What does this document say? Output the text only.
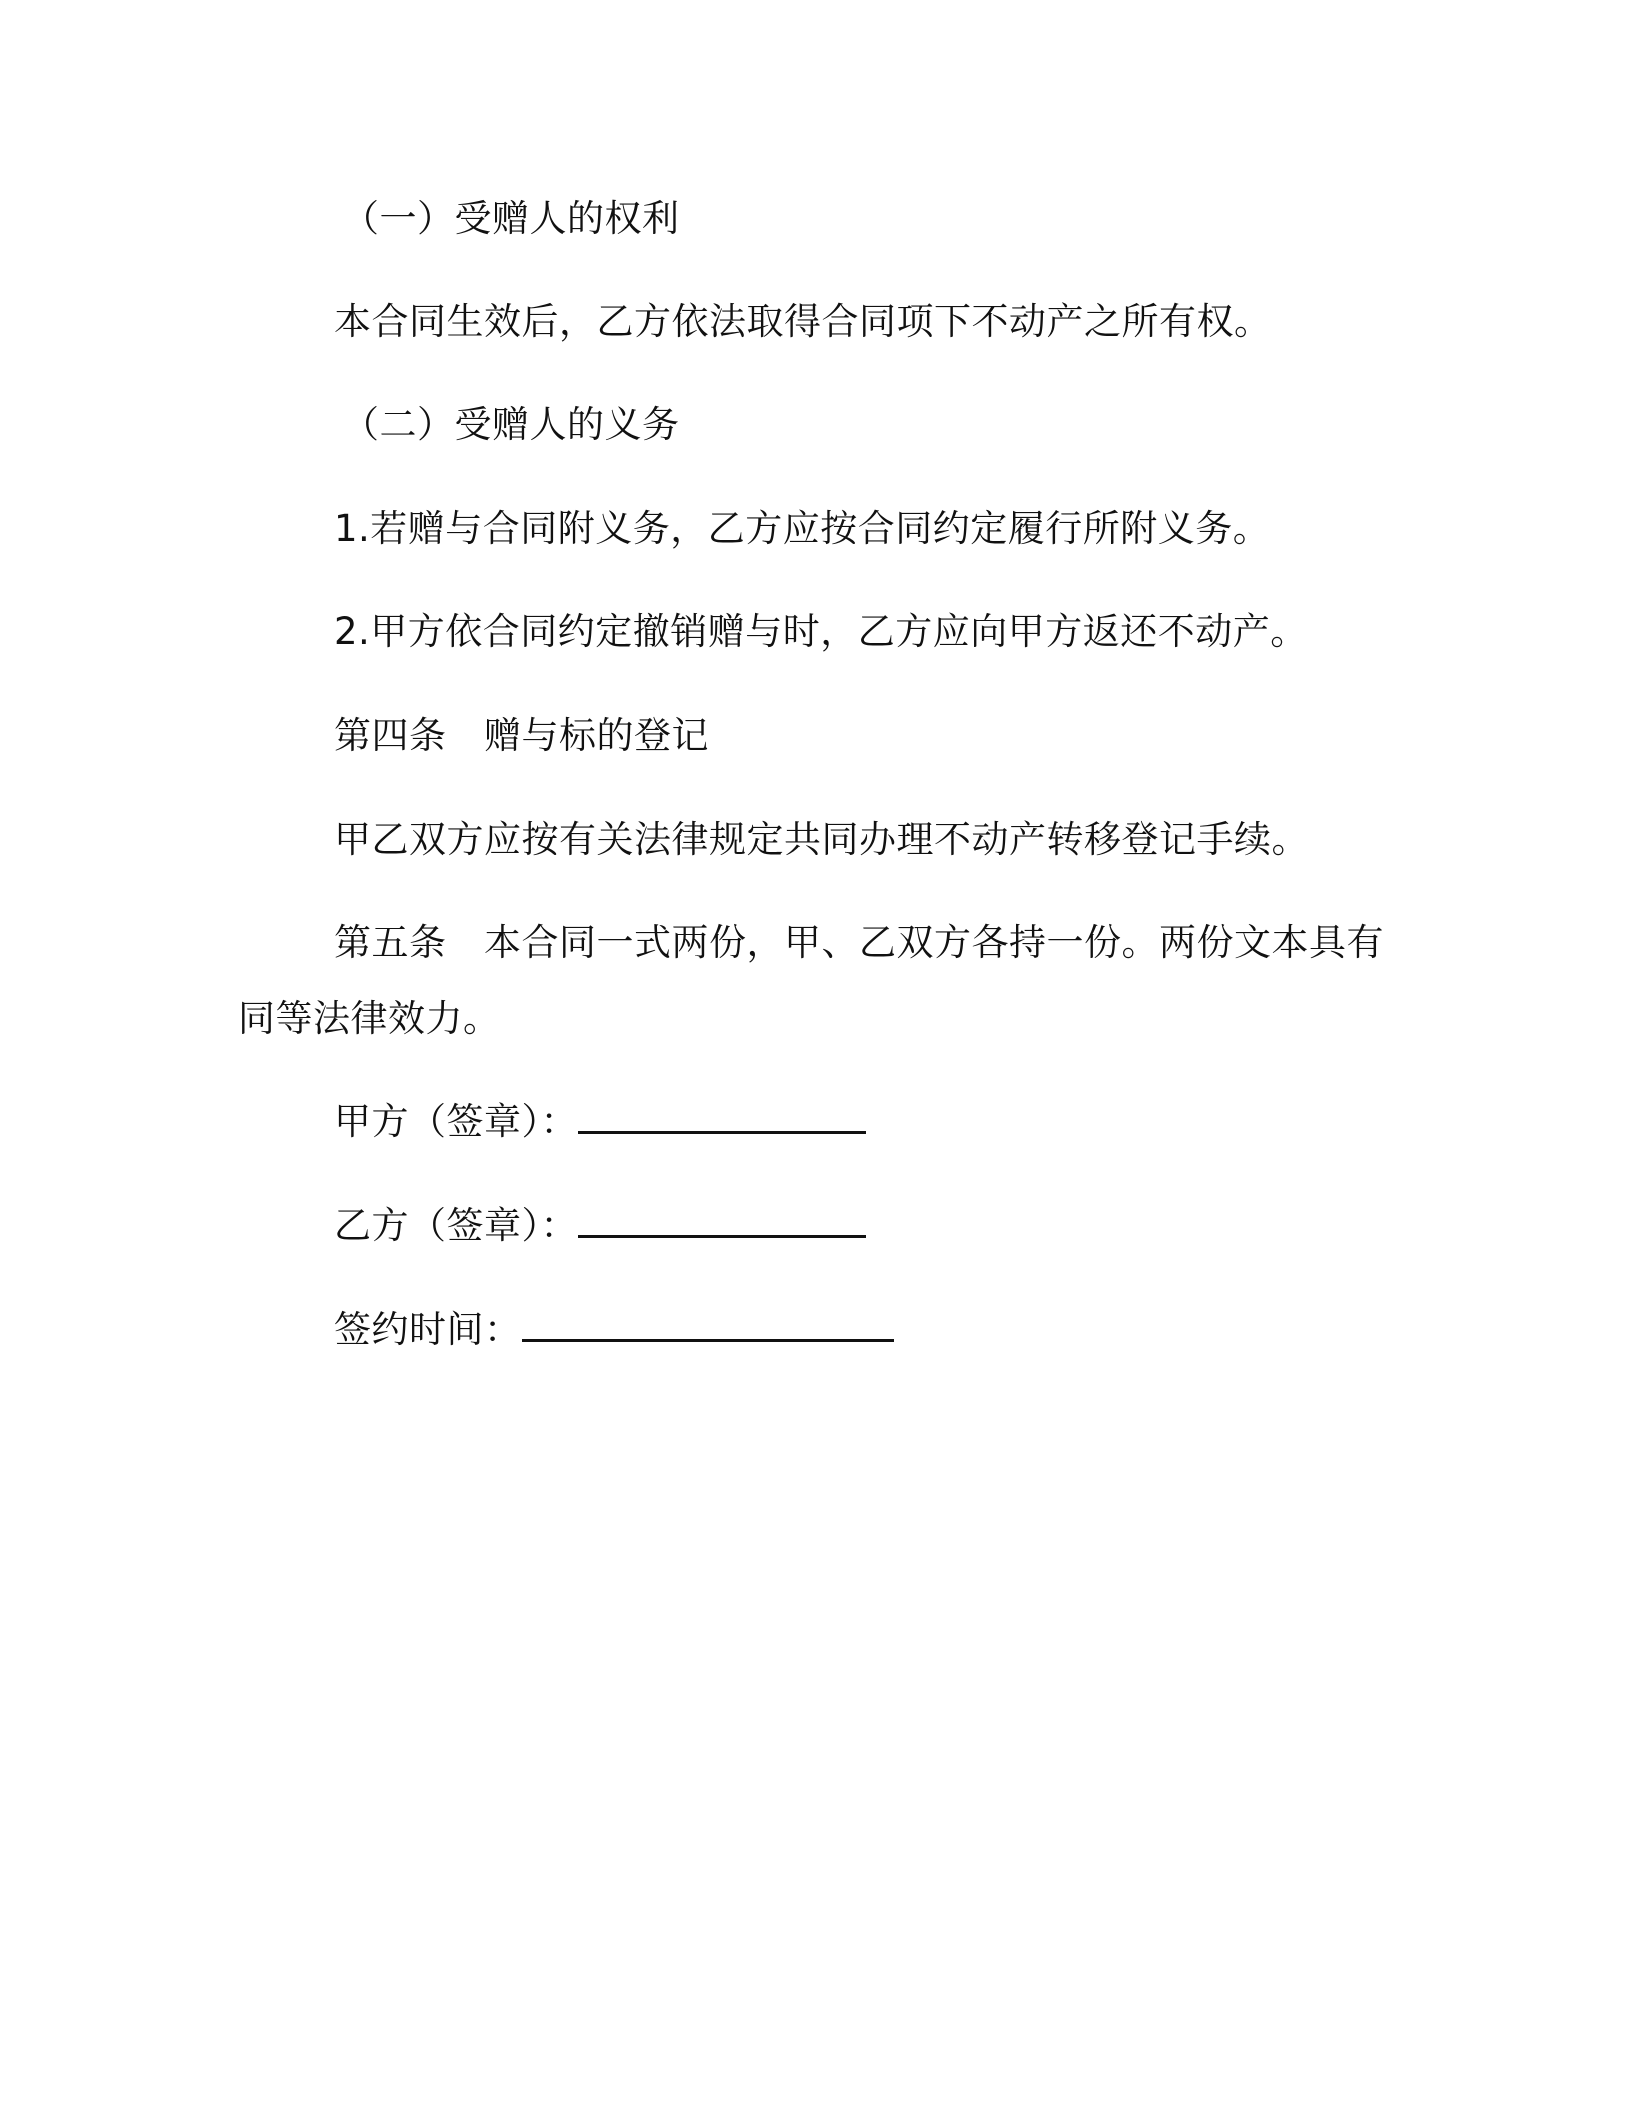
（一）受赠人的权利
本合同生效后，乙方依法取得合同项下不动产之所有权。
（二）受赠人的义务
1.若赠与合同附义务，乙方应按合同约定履行所附义务。
2.甲方依合同约定撤销赠与时，乙方应向甲方返还不动产。
第四条　赠与标的登记
甲乙双方应按有关法律规定共同办理不动产转移登记手续。
第五条　本合同一式两份，甲、乙双方各持一份。两份文本具有
同等法律效力。
甲方（签章）：
乙方（签章）：
签约时间：
